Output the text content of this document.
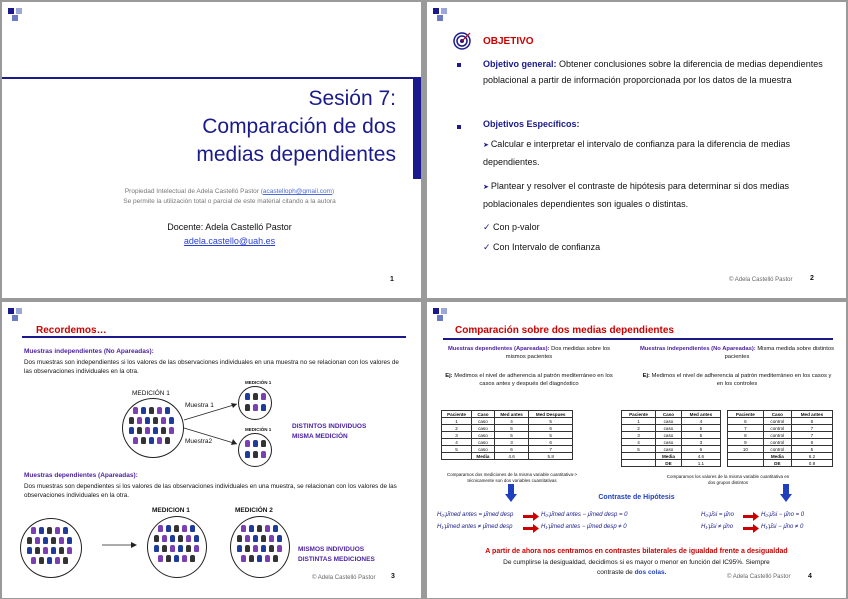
Sesión 7:
Comparación de dos
medias dependientes
Propiedad Intelectual de Adela Castelló Pastor (acastelloph@gmail.com)
Se permite la utilización total o parcial de este material citando a la autora
Docente: Adela Castelló Pastor
adela.castello@uah.es
1
OBJETIVO

Objetivo general: Obtener conclusiones sobre la diferencia de medias dependientes poblacional a partir de información proporcionada por los datos de la muestra

Objetivos Específicos:

➤ Calcular e interpretar el intervalo de confianza para la diferencia de medias dependientes.

➤ Plantear y resolver el contraste de hipótesis para determinar si dos medias poblacionales dependientes son iguales o distintas.

✓ Con p-valor
✓ Con Intervalo de confianza
© Adela Castelló Pastor	2
Recordemos…
Muestras independientes (No Apareadas):

Dos muestras son independientes si los valores de las observaciones individuales en una muestra no se relacionan con los valores de las observaciones individuales en la otra.

MEDICIÓN 1
Muestra 1
Muestra2
MEDICIÓN 1
MEDICIÓN 1	DISTINTOS INDIVIDUOS
MISMA MEDICIÓN
Muestras dependientes (Apareadas):

Dos muestras son dependientes si los valores de las observaciones individuales en una muestra, se relacionan con los valores de las observaciones individuales en la otra.

MEDICION 1	MEDICIÓN 2
MISMOS INDIVIDUOS
DISTINTAS MEDICIONES
© Adela Castelló Pastor 3
Comparación sobre dos medias dependientes

Muestras dependientes (Apareadas): Dos medidas sobre los mismos pacientes

Ej: Medimos el nivel de adherencia al patrón mediterráneo en los casos antes y después del diagnóstico

Muestras independientes (No Apareadas): Misma medida sobre distintos pacientes

Ej: Medimos el nivel de adherencia al patrón mediterráneo en los casos y en los controles

Paciente	Caso	Med antes	Med Despues
1	caso	4	5
2	caso	5	6
3	caso	5	5
4	caso	3	6
5	caso	6	7
	Media	4.6	5.8
Paciente	Caso	Med antes
1	caso	4
2	caso	5
3	caso	5
4	caso	3
5	caso	6
	Media	4.6
	DE	1.1
Paciente	Caso	Med antes
6	control	6
7	control	7
8	control	7
9	control	6
10	control	5
	Media	6.2
	DE	0.8

Comparamos dos mediciones de la misma variable cuantitativa-> técnicamente son dos variables cuantitativas

Comparamos los valores de la misma variable cuantitativa en dos grupos distintos

Contraste de Hipótesis
H₀:μ̄med antes = μ̄med desp
H₁:μ̄med antes ≠ μ̄med desp
H₀:μ̄med antes − μ̄med desp = 0
H₁:μ̄med antes − μ̄med desp ≠ 0
H₀:μ̄si = μ̄no
H₁:μ̄si ≠ μ̄no
H₀:μ̄si − μ̄no = 0
H₁:μ̄si − μ̄no ≠ 0
A partir de ahora nos centramos en contrastes bilaterales de igualdad frente a desigualdad
De cumplirse la desigualdad, decidimos si es mayor o menor en función del IC95%. Siempre
contraste de dos colas.
© Adela Castelló Pastor	4
